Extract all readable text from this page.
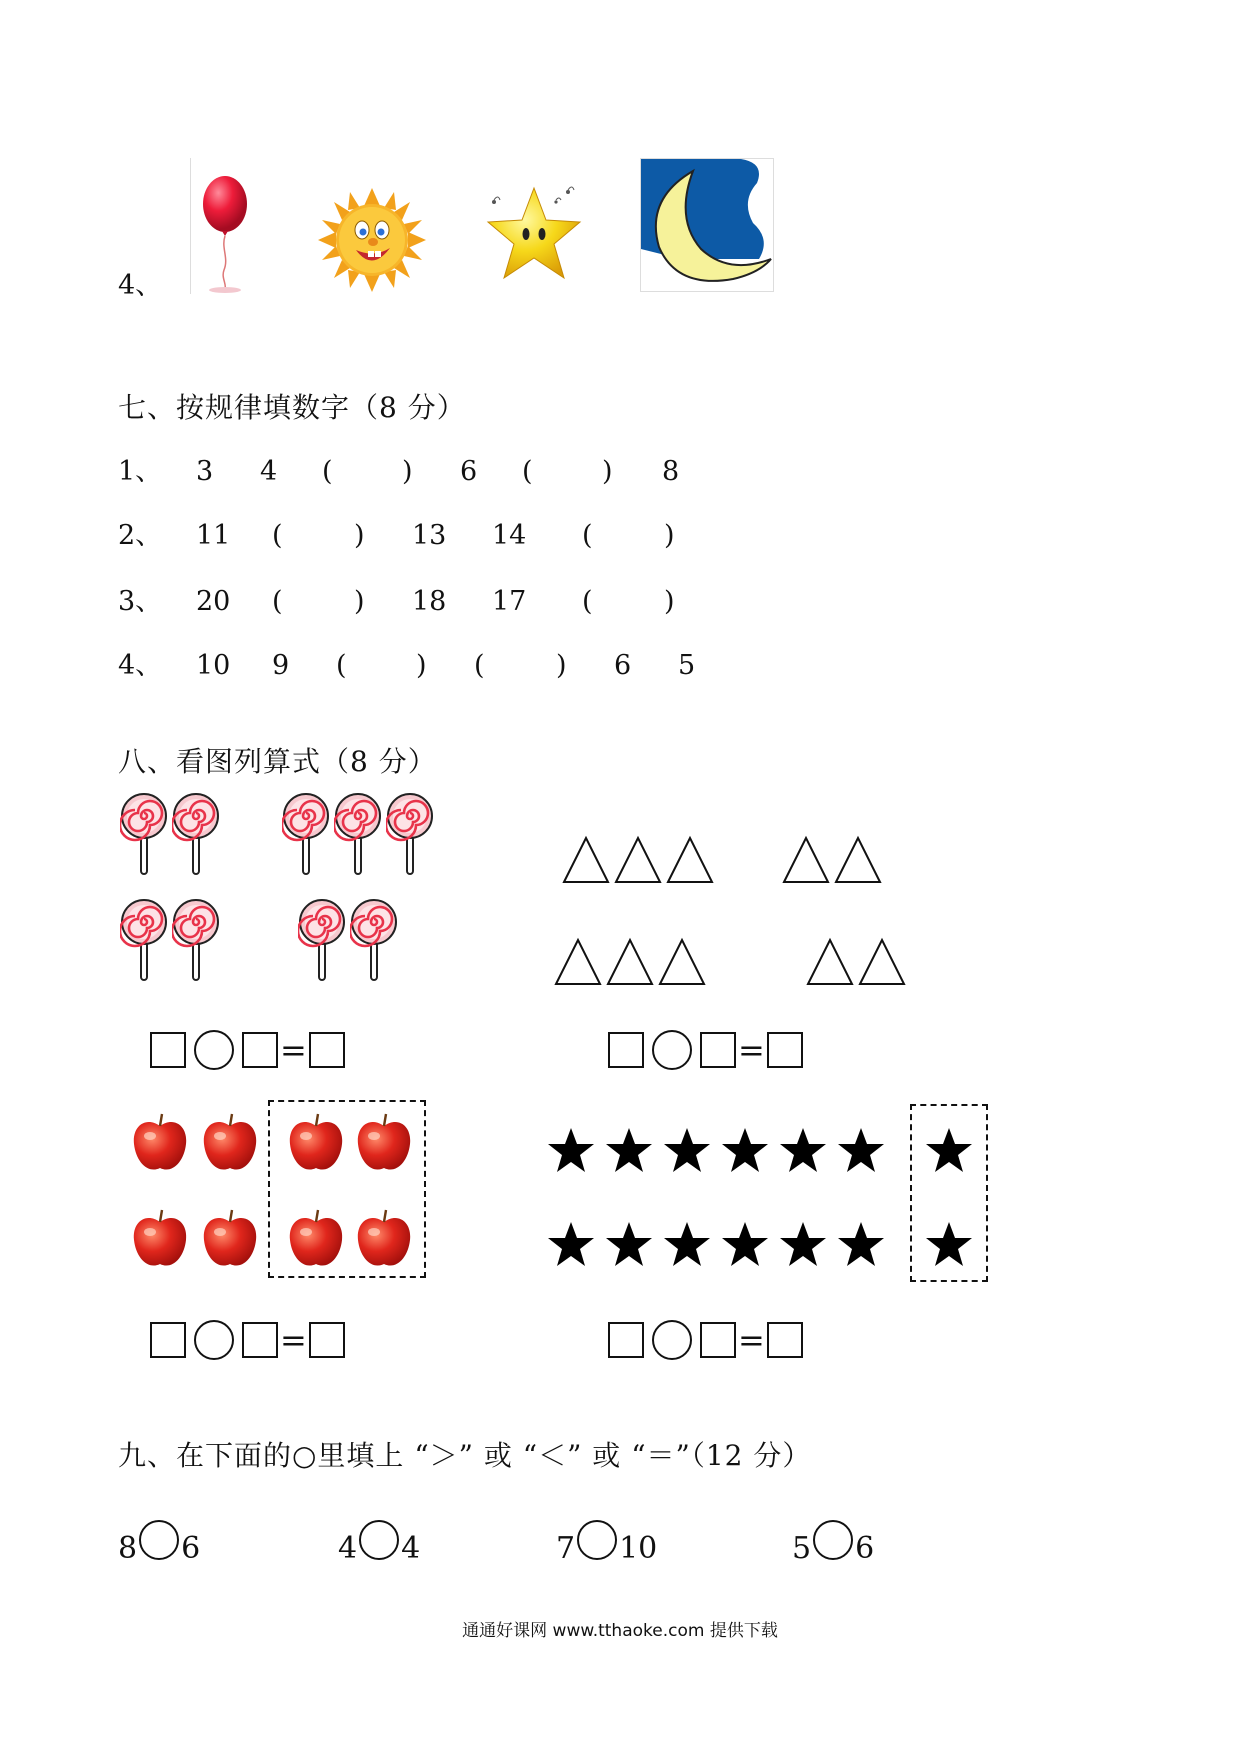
4、
七、按规律填数字（8 分）
1、 3 4 (	) 6 (	) 8
2、 11 (	) 13 14 (	)
3、 20 (	) 18 17 (	)
4、 10 9 (	) (	) 6 5
八、看图列算式（8 分）
=	=
=	=
九、在下面的○里填上 “＞” 或 “＜” 或 “＝”（12 分）
8 6	4 4	7 10	5 6
通通好课网 www.tthaoke.com 提供下载
